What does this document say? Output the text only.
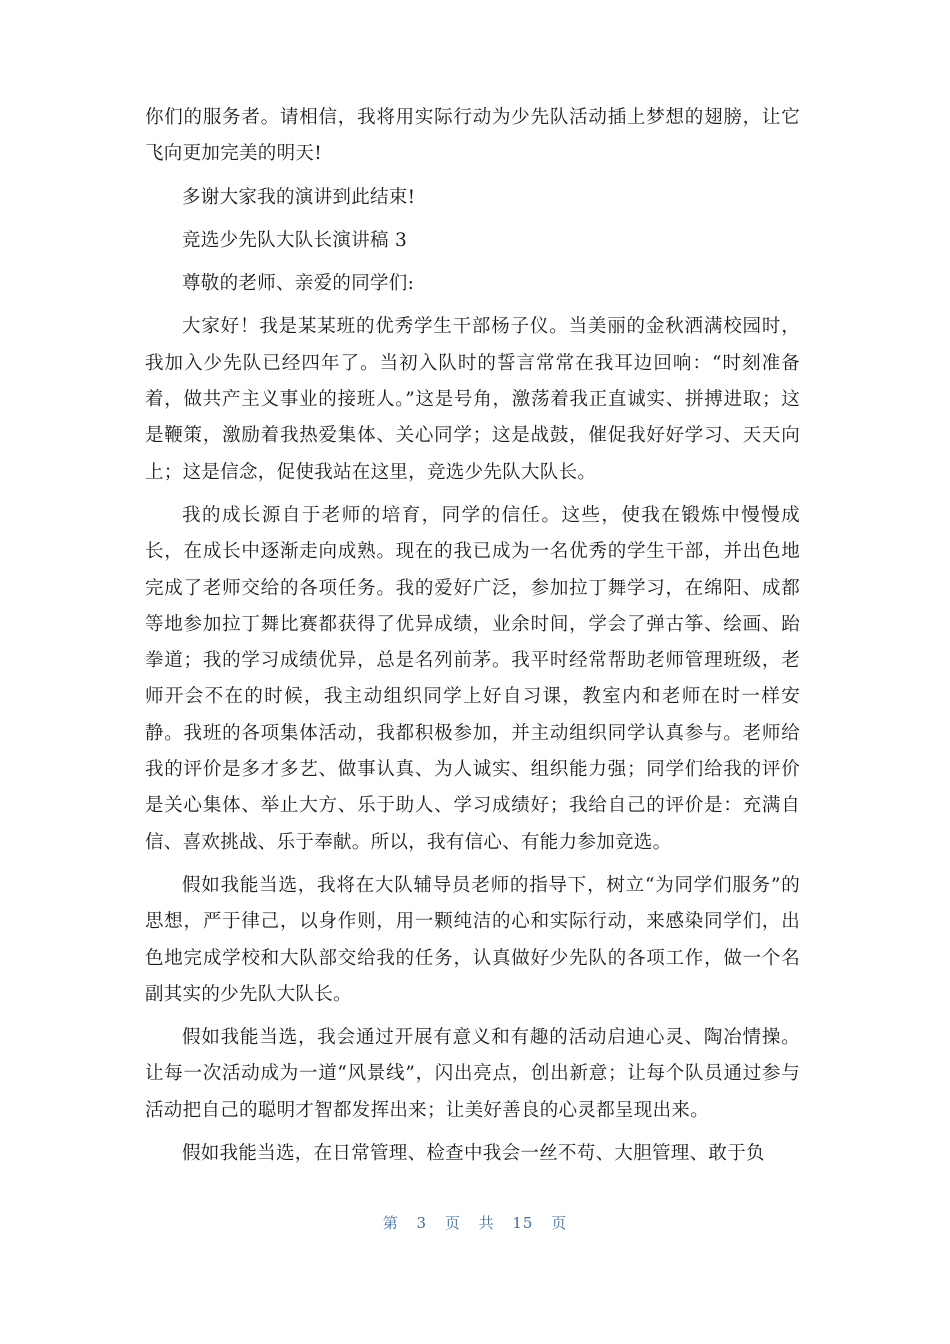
你们的服务者。请相信，我将用实际行动为少先队活动插上梦想的翅膀，让它飞向更加完美的明天!

多谢大家我的演讲到此结束!

竞选少先队大队长演讲稿 3

尊敬的老师、亲爱的同学们:

大家好！我是某某班的优秀学生干部杨子仪。当美丽的金秋洒满校园时，我加入少先队已经四年了。当初入队时的誓言常常在我耳边回响：“时刻准备着，做共产主义事业的接班人。”这是号角，激荡着我正直诚实、拼搏进取；这是鞭策，激励着我热爱集体、关心同学；这是战鼓，催促我好好学习、天天向上；这是信念，促使我站在这里，竞选少先队大队长。

我的成长源自于老师的培育，同学的信任。这些，使我在锻炼中慢慢成长，在成长中逐渐走向成熟。现在的我已成为一名优秀的学生干部，并出色地完成了老师交给的各项任务。我的爱好广泛，参加拉丁舞学习，在绵阳、成都等地参加拉丁舞比赛都获得了优异成绩，业余时间，学会了弹古筝、绘画、跆拳道；我的学习成绩优异，总是名列前茅。我平时经常帮助老师管理班级，老师开会不在的时候，我主动组织同学上好自习课，教室内和老师在时一样安静。我班的各项集体活动，我都积极参加，并主动组织同学认真参与。老师给我的评价是多才多艺、做事认真、为人诚实、组织能力强；同学们给我的评价是关心集体、举止大方、乐于助人、学习成绩好；我给自己的评价是：充满自信、喜欢挑战、乐于奉献。所以，我有信心、有能力参加竞选。

假如我能当选，我将在大队辅导员老师的指导下，树立“为同学们服务”的思想，严于律己，以身作则，用一颗纯洁的心和实际行动，来感染同学们，出色地完成学校和大队部交给我的任务，认真做好少先队的各项工作，做一个名副其实的少先队大队长。

假如我能当选，我会通过开展有意义和有趣的活动启迪心灵、陶冶情操。让每一次活动成为一道“风景线”，闪出亮点，创出新意；让每个队员通过参与活动把自己的聪明才智都发挥出来；让美好善良的心灵都呈现出来。

假如我能当选，在日常管理、检查中我会一丝不苟、大胆管理、敢于负

第 3 页 共 15 页
